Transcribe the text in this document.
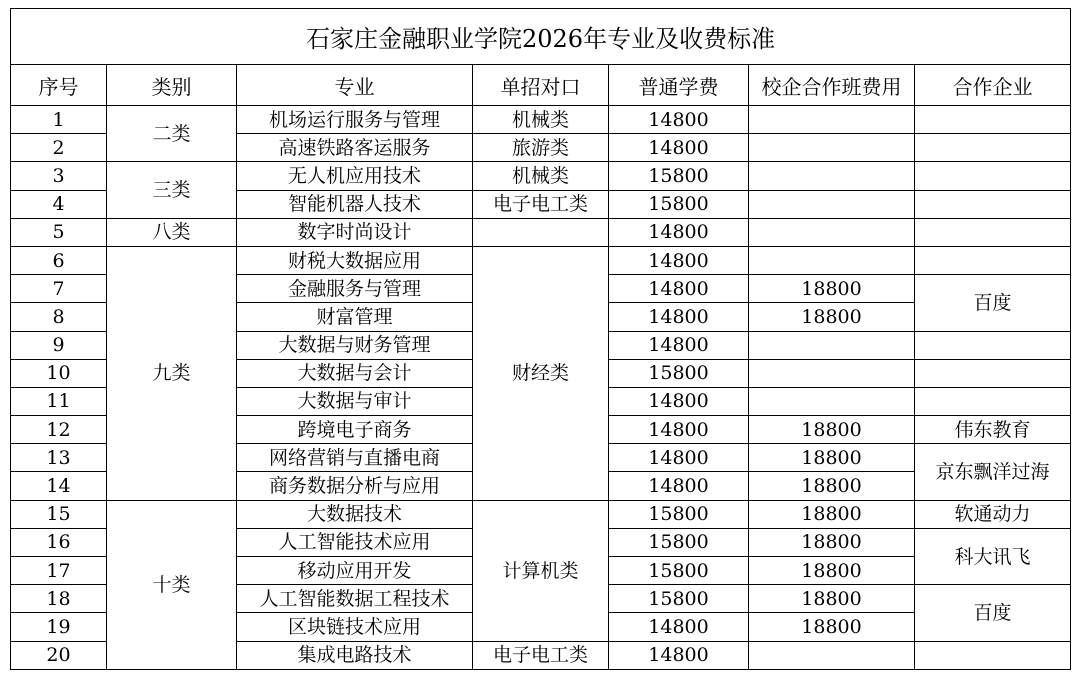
石家庄金融职业学院2026年专业及收费标准						
序号	类别	专业	单招对口	普通学费	校企合作班费用	合作企业
1	二类	机场运行服务与管理	机械类	14800		
2		高速铁路客运服务	旅游类	14800		
3	三类	无人机应用技术	机械类	15800		
4		智能机器人技术	电子电工类	15800		
5	八类	数字时尚设计		14800		
6	九类	财税大数据应用	财经类	14800		
7		金融服务与管理		14800	18800	百度
8		财富管理		14800	18800	
9		大数据与财务管理		14800		
10		大数据与会计		15800		
11		大数据与审计		14800		
12		跨境电子商务		14800	18800	伟东教育
13		网络营销与直播电商		14800	18800	京东飘洋过海
14		商务数据分析与应用		14800	18800	
15	十类	大数据技术	计算机类	15800	18800	软通动力
16		人工智能技术应用		15800	18800	科大讯飞
17		移动应用开发		15800	18800	
18		人工智能数据工程技术		15800	18800	百度
19		区块链技术应用		14800	18800	
20		集成电路技术	电子电工类	14800		
